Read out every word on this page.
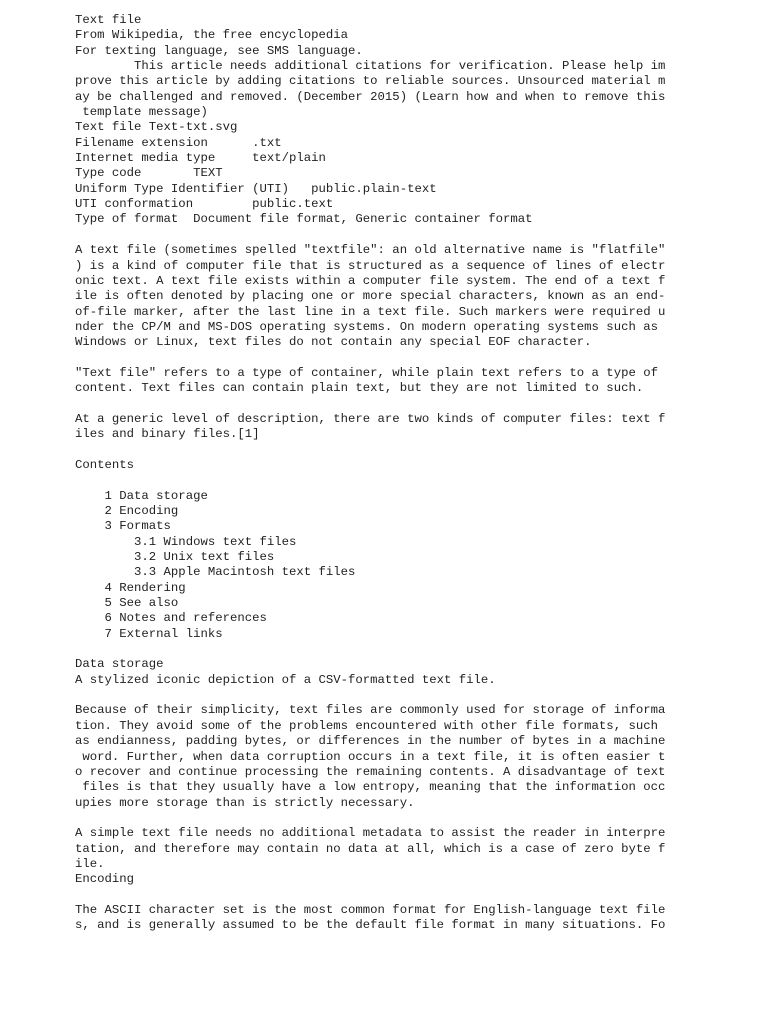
Text file
From Wikipedia, the free encyclopedia
For texting language, see SMS language.
This article needs additional citations for verification. Please help im
prove this article by adding citations to reliable sources. Unsourced material m
ay be challenged and removed. (December 2015) (Learn how and when to remove this
template message)
Text file Text-txt.svg
Filename extension      .txt
Internet media type     text/plain
Type code       TEXT
Uniform Type Identifier (UTI)   public.plain-text
UTI conformation        public.text
Type of format  Document file format, Generic container format
A text file (sometimes spelled "textfile": an old alternative name is "flatfile"
) is a kind of computer file that is structured as a sequence of lines of electr
onic text. A text file exists within a computer file system. The end of a text f
ile is often denoted by placing one or more special characters, known as an end-
of-file marker, after the last line in a text file. Such markers were required u
nder the CP/M and MS-DOS operating systems. On modern operating systems such as
Windows or Linux, text files do not contain any special EOF character.
"Text file" refers to a type of container, while plain text refers to a type of
content. Text files can contain plain text, but they are not limited to such.
At a generic level of description, there are two kinds of computer files: text f
iles and binary files.[1]
Contents
1 Data storage
2 Encoding
3 Formats
3.1 Windows text files
3.2 Unix text files
3.3 Apple Macintosh text files
4 Rendering
5 See also
6 Notes and references
7 External links
Data storage
A stylized iconic depiction of a CSV-formatted text file.
Because of their simplicity, text files are commonly used for storage of informa
tion. They avoid some of the problems encountered with other file formats, such
as endianness, padding bytes, or differences in the number of bytes in a machine
word. Further, when data corruption occurs in a text file, it is often easier t
o recover and continue processing the remaining contents. A disadvantage of text
files is that they usually have a low entropy, meaning that the information occ
upies more storage than is strictly necessary.
A simple text file needs no additional metadata to assist the reader in interpre
tation, and therefore may contain no data at all, which is a case of zero byte f
ile.
Encoding
The ASCII character set is the most common format for English-language text file
s, and is generally assumed to be the default file format in many situations. Fo
